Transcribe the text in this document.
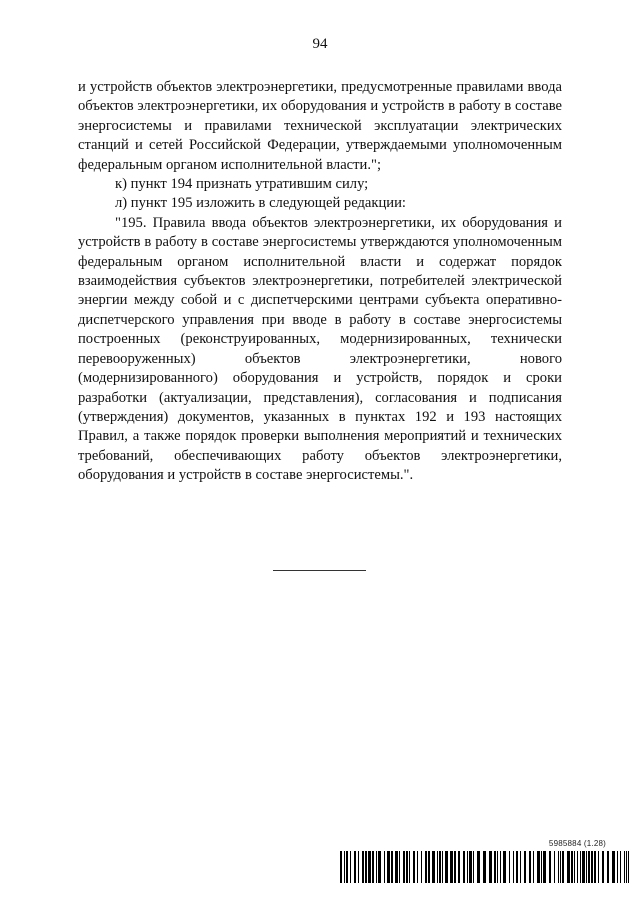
94

и устройств объектов электроэнергетики, предусмотренные правилами ввода объектов электроэнергетики, их оборудования и устройств в работу в составе энергосистемы и правилами технической эксплуатации электрических станций и сетей Российской Федерации, утверждаемыми уполномоченным федеральным органом исполнительной власти.";

к) пункт 194 признать утратившим силу;

л) пункт 195 изложить в следующей редакции:

"195. Правила ввода объектов электроэнергетики, их оборудования и устройств в работу в составе энергосистемы утверждаются уполномоченным федеральным органом исполнительной власти и содержат порядок взаимодействия субъектов электроэнергетики, потребителей электрической энергии между собой и с диспетчерскими центрами субъекта оперативно-диспетчерского управления при вводе в работу в составе энергосистемы построенных (реконструированных, модернизированных, технически перевооруженных) объектов электроэнергетики, нового (модернизированного) оборудования и устройств, порядок и сроки разработки (актуализации, представления), согласования и подписания (утверждения) документов, указанных в пунктах 192 и 193 настоящих Правил, а также порядок проверки выполнения мероприятий и технических требований, обеспечивающих работу объектов электроэнергетики, оборудования и устройств в составе энергосистемы.".

5985884 (1.28)
